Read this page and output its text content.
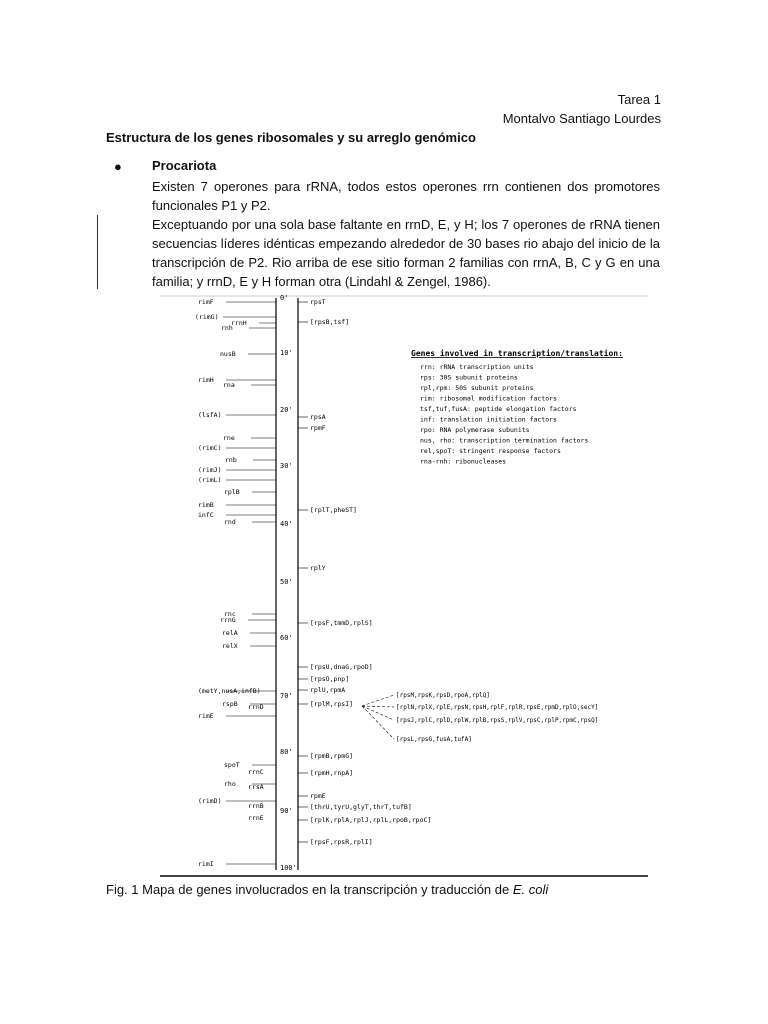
Tarea 1
Montalvo Santiago Lourdes
Estructura de los genes ribosomales y su arreglo genómico
● Procariota
Existen 7 operones para rRNA, todos estos operones rrn contienen dos promotores funcionales P1 y P2.
Exceptuando por una sola base faltante en rrnD, E, y H; los 7 operones de rRNA tienen secuencias líderes idénticas empezando alrededor de 30 bases rio abajo del inicio de la transcripción de P2. Rio arriba de ese sitio forman 2 familias con rrnA, B, C y G en una familia; y rrnD, E y H forman otra (Lindahl & Zengel, 1986).
0'
10'
20'
30'
40'
50'
60'
70'
80'
90'
100'
rimF
(rimG)
rrnH
rnh
nusB
rimH
rna
(lsfA)
rne
(rimC)
rnb
(rimJ)
(rimL)
rplB
rimB
infC
rnd
rnc
rrnG
relA
relX
(metY,nusA,infB)
rspB rrnD
rimE
spoT
rrnC
rho rrsA
(rimD)
rrnB
rrnE
rimI
rpsT
[rpsB,tsf]
rpsA
rpmF
[rplT,pheST]
rplY
[rpsF,tmmD,rplS]
[rpsU,dnaG,rpoD]
[rpsO,pnp]
rplU,rpmA
[rplM,rpsI]
[rpmB,rpmG]
[rpmH,rnpA]
rpmE
[thrU,tyrU,glyT,thrT,tufB]
[rplK,rplA,rplJ,rplL,rpoB,rpoC]
[rpsF,rpsR,rplI]
[rpsM,rpsK,rpsD,rpoA,rplQ]
[rplN,rplX,rplE,rpsN,rpsH,rplF,rplR,rpsE,rpmD,rplO,secY]
[rpsJ,rplC,rplD,rplW,rplB,rpsS,rplV,rpsC,rplP,rpmC,rpsQ]
[rpsL,rpsG,fusA,tufA]
Genes involved in transcription/translation:
rrn: rRNA transcription units
rps: 30S subunit proteins
rpl,rpm: 50S subunit proteins
rim: ribosomal modification factors
tsf,tuf,fusA: peptide elongation factors
inf: translation initiation factors
rpo: RNA polymerase subunits
nus, rho: transcription termination factors
rel,spoT: stringent response factors
rna-rnh: ribonucleases
Fig. 1 Mapa de genes involucrados en la transcripción y traducción de E. coli
